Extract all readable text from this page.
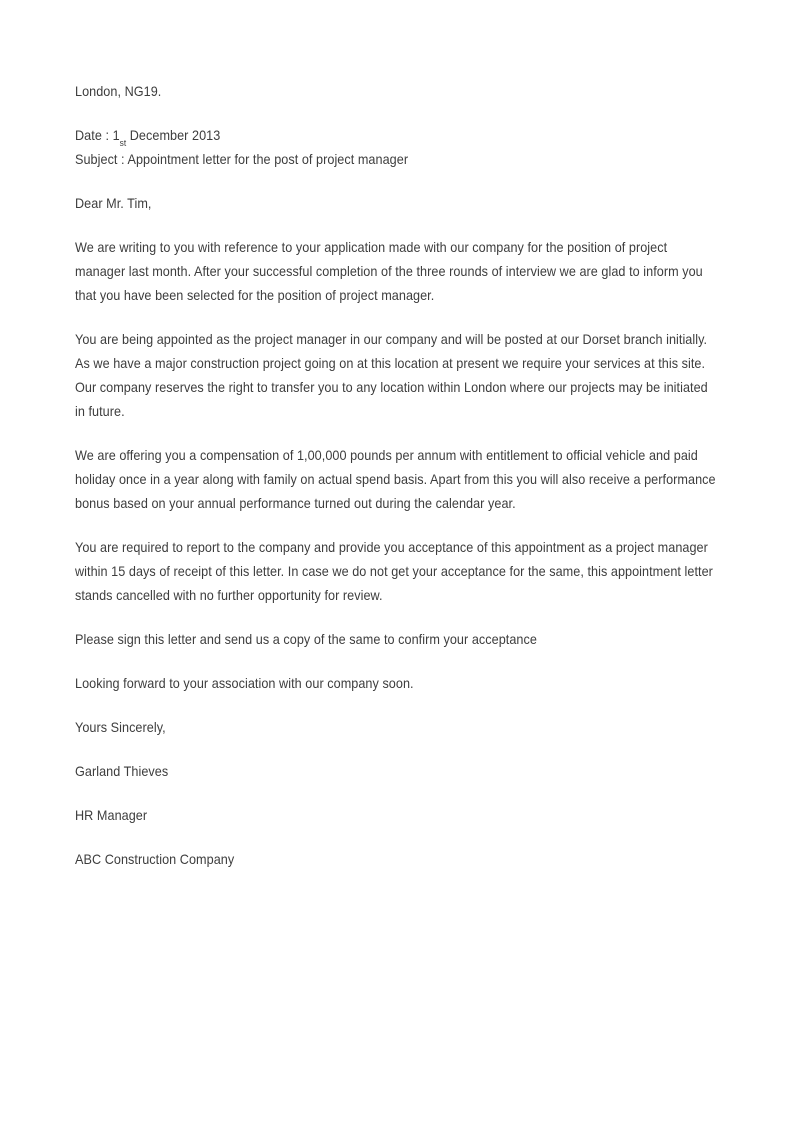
London, NG19.

Date : $1_{st}$ December 2013

Subject : Appointment letter for the post of project manager

Dear Mr. Tim,

We are writing to you with reference to your application made with our company for the position of project manager last month. After your successful completion of the three rounds of interview we are glad to inform you that you have been selected for the position of project manager.

You are being appointed as the project manager in our company and will be posted at our Dorset branch initially. As we have a major construction project going on at this location at present we require your services at this site. Our company reserves the right to transfer you to any location within London where our projects may be initiated in future.

We are offering you a compensation of 1,00,000 pounds per annum with entitlement to official vehicle and paid holiday once in a year along with family on actual spend basis. Apart from this you will also receive a performance bonus based on your annual performance turned out during the calendar year.

You are required to report to the company and provide you acceptance of this appointment as a project manager within 15 days of receipt of this letter. In case we do not get your acceptance for the same, this appointment letter stands cancelled with no further opportunity for review.

Please sign this letter and send us a copy of the same to confirm your acceptance

Looking forward to your association with our company soon.

Yours Sincerely,

Garland Thieves

HR Manager

ABC Construction Company
